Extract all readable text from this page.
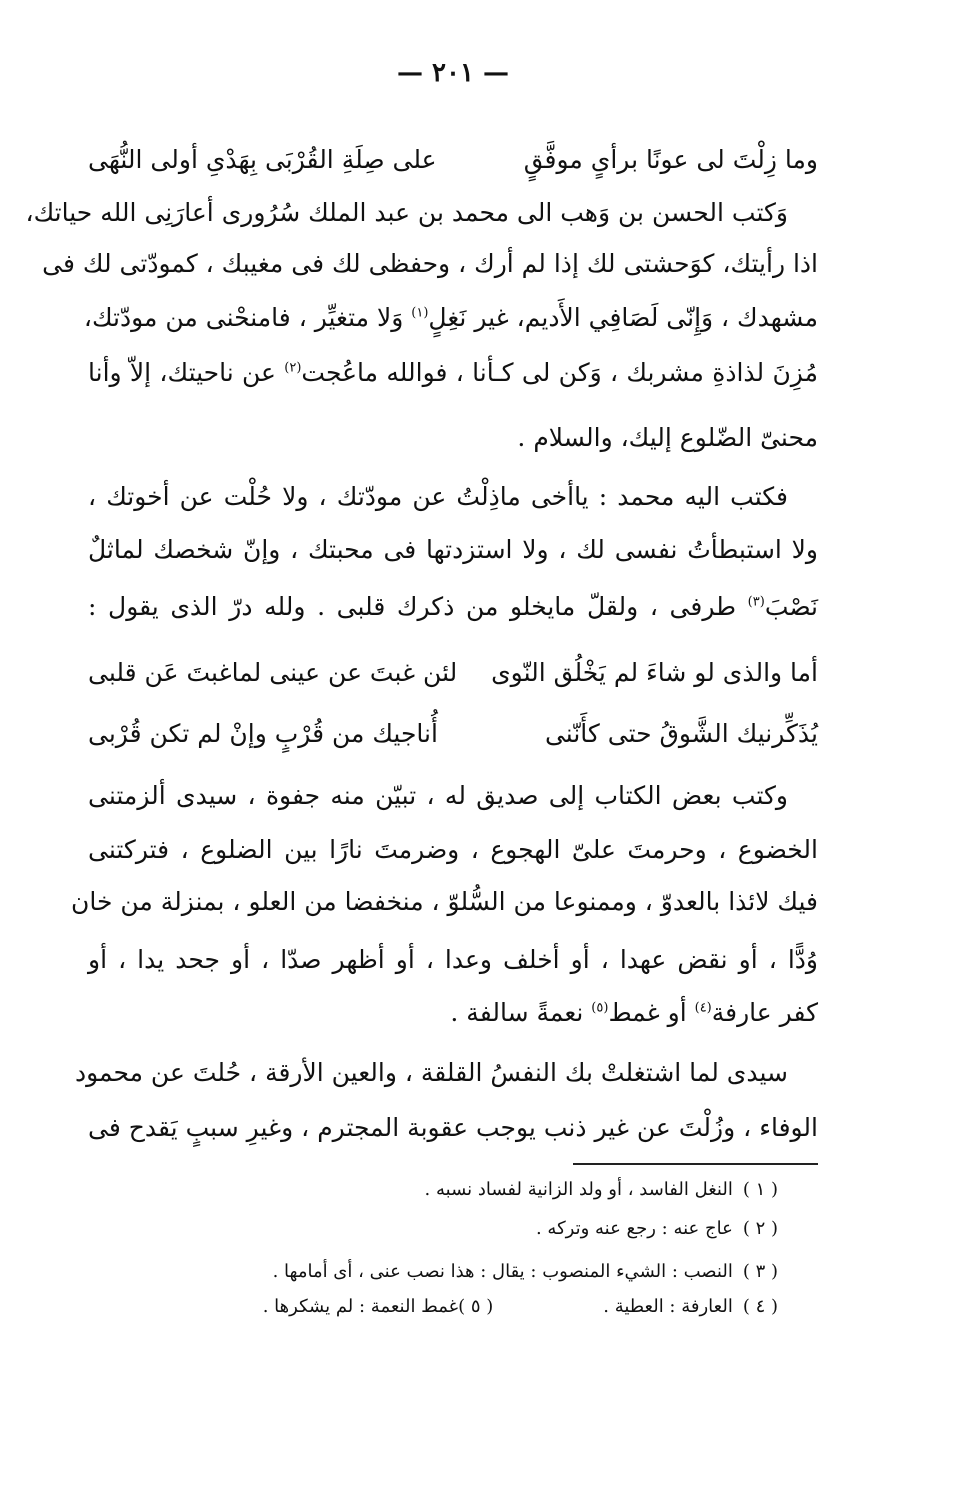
— ٢٠١ —
وما زِلْتَ لى عونًا برأىٍ موفَّقٍ
على صِلَةِ القُرْبَى بِهَدْىِ أولى النُّهَى
وَكتب الحسن بن وَهب الى محمد بن عبد الملك سُرُورى أعارَنِى الله حياتك،
اذا رأيتك، كوَحشتى لك إذا لم أرك ، وحفظى لك فى مغيبك ، كمودّتى لك فى
مشهدك ، وَإِنّى لَصَافِي الأَديم، غير نَغِلٍ$^{(١)}$ وَلا متغيِّر ، فامنحْنى من مودّتك،
مُزِنَ لذاذةِ مشربك ، وَكن لى كـأنا ، فوالله ماعُجت$^{(٢)}$ عن ناحيتك، إلاّ وأنا
محنىّ الضّلوع إليك، والسلام .
فكتب اليه محمد : ياأخى ماذِلْتُ عن مودّتك ، ولا حُلْت عن أخوتك ،
ولا استبطأتُ نفسى لك ، ولا استزدتها فى محبتك ، وإنّ شخصك لماثلٌ
نَصْبَ$^{(٣)}$ طرفى ، ولقلّ مايخلو من ذكرك قلبى . ولله درّ الذى يقول :
أما والذى لو شاءَ لم يَخْلُق النّوى
لئن غبتَ عن عينى لماغبتَ عَن قلبى
يُذَكِّرنيك الشَّوقُ حتى كأَنّنى
أُناجيك من قُرْبٍ وإنْ لم تكن قُرْبى
وكتب بعض الكتاب إلى صديق له ، تبيّن منه جفوة ، سيدى ألزمتنى
الخضوع ، وحرمتَ علىّ الهجوع ، وضرمتَ نارًا بين الضلوع ، فتركتنى
فيك لائذا بالعدوّ ، وممنوعا من السُّلوّ ، منخفضا من العلو ، بمنزلة من خان
وُدًّا ، أو نقض عهدا ، أو أخلف وعدا ، أو أظهر صدّا ، أو جحد يدا ، أو
كفر عارفة$^{(٤)}$ أو غمط$^{(٥)}$ نعمةً سالفة .
سيدى لما اشتغلتْ بك النفسُ القلقة ، والعين الأرقة ، حُلتَ عن محمود
الوفاء ، وزُلْتَ عن غير ذنب يوجب عقوبة المجترم ، وغيرِ سببٍ يَقدح فى
( ١ )النغل الفاسد ، أو ولد الزانية لفساد نسبه .
( ٢ )عاج عنه : رجع عنه وتركه .
( ٣ )النصب : الشيء المنصوب : يقال : هذا نصب عنى ، أى أمامها .
( ٤ )العارفة : العطية .( ٥ )غمط النعمة : لم يشكرها .
